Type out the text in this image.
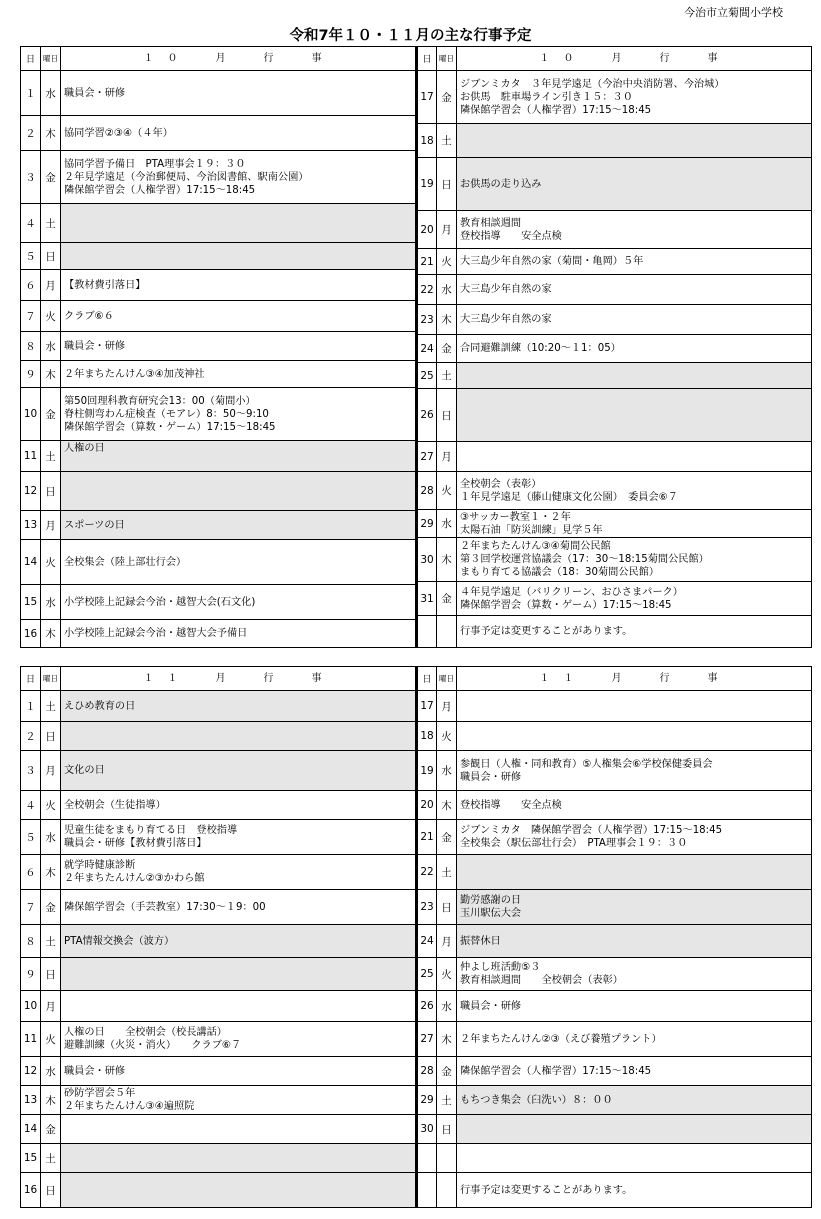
今治市立菊間小学校
令和7年１０・１１月の主な行事予定
日	曜日	１０　月　行　事
１ 水 職員会・研修
２ 木 協同学習②③④（４年）
３ 金
協同学習予備日　PTA理事会１９：３０
２年見学遠足（今治郵便局、今治図書館、駅南公園）
隣保館学習会（人権学習）17:15～18:45
４ 土
５ 日
６ 月 【教材費引落日】
７ 火 クラブ⑥６
８ 水 職員会・研修
９ 木 ２年まちたんけん③④加茂神社
10 金
第50回理科教育研究会13：00（菊間小）
脊柱側弯わん症検査（モアレ）8：50～9:10
隣保館学習会（算数・ゲーム）17:15～18:45
11 土
人権の日
12 日
13 月 スポーツの日
14 火 全校集会（陸上部壮行会）
15 水 小学校陸上記録会今治・越智大会(石文化)
16 木 小学校陸上記録会今治・越智大会予備日
日	曜日	１０　月　行　事
17 金
ジブンミカタ　３年見学遠足（今治中央消防署、今治城）
お供馬　駐車場ライン引き１５：３０
隣保館学習会（人権学習）17:15～18:45
18 土
19 日 お供馬の走り込み
20 月
教育相談週間
登校指導　　安全点検
21 火 大三島少年自然の家（菊間・亀岡）５年
22 水 大三島少年自然の家
23 木 大三島少年自然の家
24 金 合同避難訓練（10:20～１1：05）
25 土
26 日
27 月
28 火
全校朝会（表彰）
１年見学遠足（藤山健康文化公園）　委員会⑥７
29 水
③サッカー教室１・２年
太陽石油「防災訓練」見学５年
30 木
２年まちたんけん③④菊間公民館
第３回学校運営協議会（17：30～18:15菊間公民館）
まもり育てる協議会（18：30菊間公民館）
31 金
４年見学遠足（バリクリーン、おひさまパーク）
隣保館学習会（算数・ゲーム）17:15～18:45
行事予定は変更することがあります。
日	曜日	１１　月　行　事
１ 土 えひめ教育の日
２ 日
３ 月 文化の日
４ 火 全校朝会（生徒指導）
５ 水
児童生徒をまもり育てる日　登校指導
職員会・研修【教材費引落日】
６ 木
就学時健康診断
２年まちたんけん②③かわら館
７ 金 隣保館学習会（手芸教室）17:30～１9：00
８ 土 PTA情報交換会（波方）
９ 日
10 月
11 火
人権の日　　全校朝会（校長講話）
避難訓練（火災・消火）　　クラブ⑥７
12 水 職員会・研修
13 木
砂防学習会５年
２年まちたんけん③④遍照院
14 金
15 土
16 日
日	曜日	１１　月　行　事
17 月
18 火
19 水
参観日（人権・同和教育）⑤人権集会⑥学校保健委員会
職員会・研修
20 木 登校指導　　安全点検
21 金
ジブンミカタ　隣保館学習会（人権学習）17:15～18:45
全校集会（駅伝部壮行会）　PTA理事会１９：３０
22 土
23 日
勤労感謝の日
玉川駅伝大会
24 月 振替休日
25 火
仲よし班活動⑤３
教育相談週間　　全校朝会（表彰）
26 水 職員会・研修
27 木 ２年まちたんけん②③（えび養殖プラント）
28 金 隣保館学習会（人権学習）17:15～18:45
29 土 もちつき集会（臼洗い）８：００
30 日
行事予定は変更することがあります。
